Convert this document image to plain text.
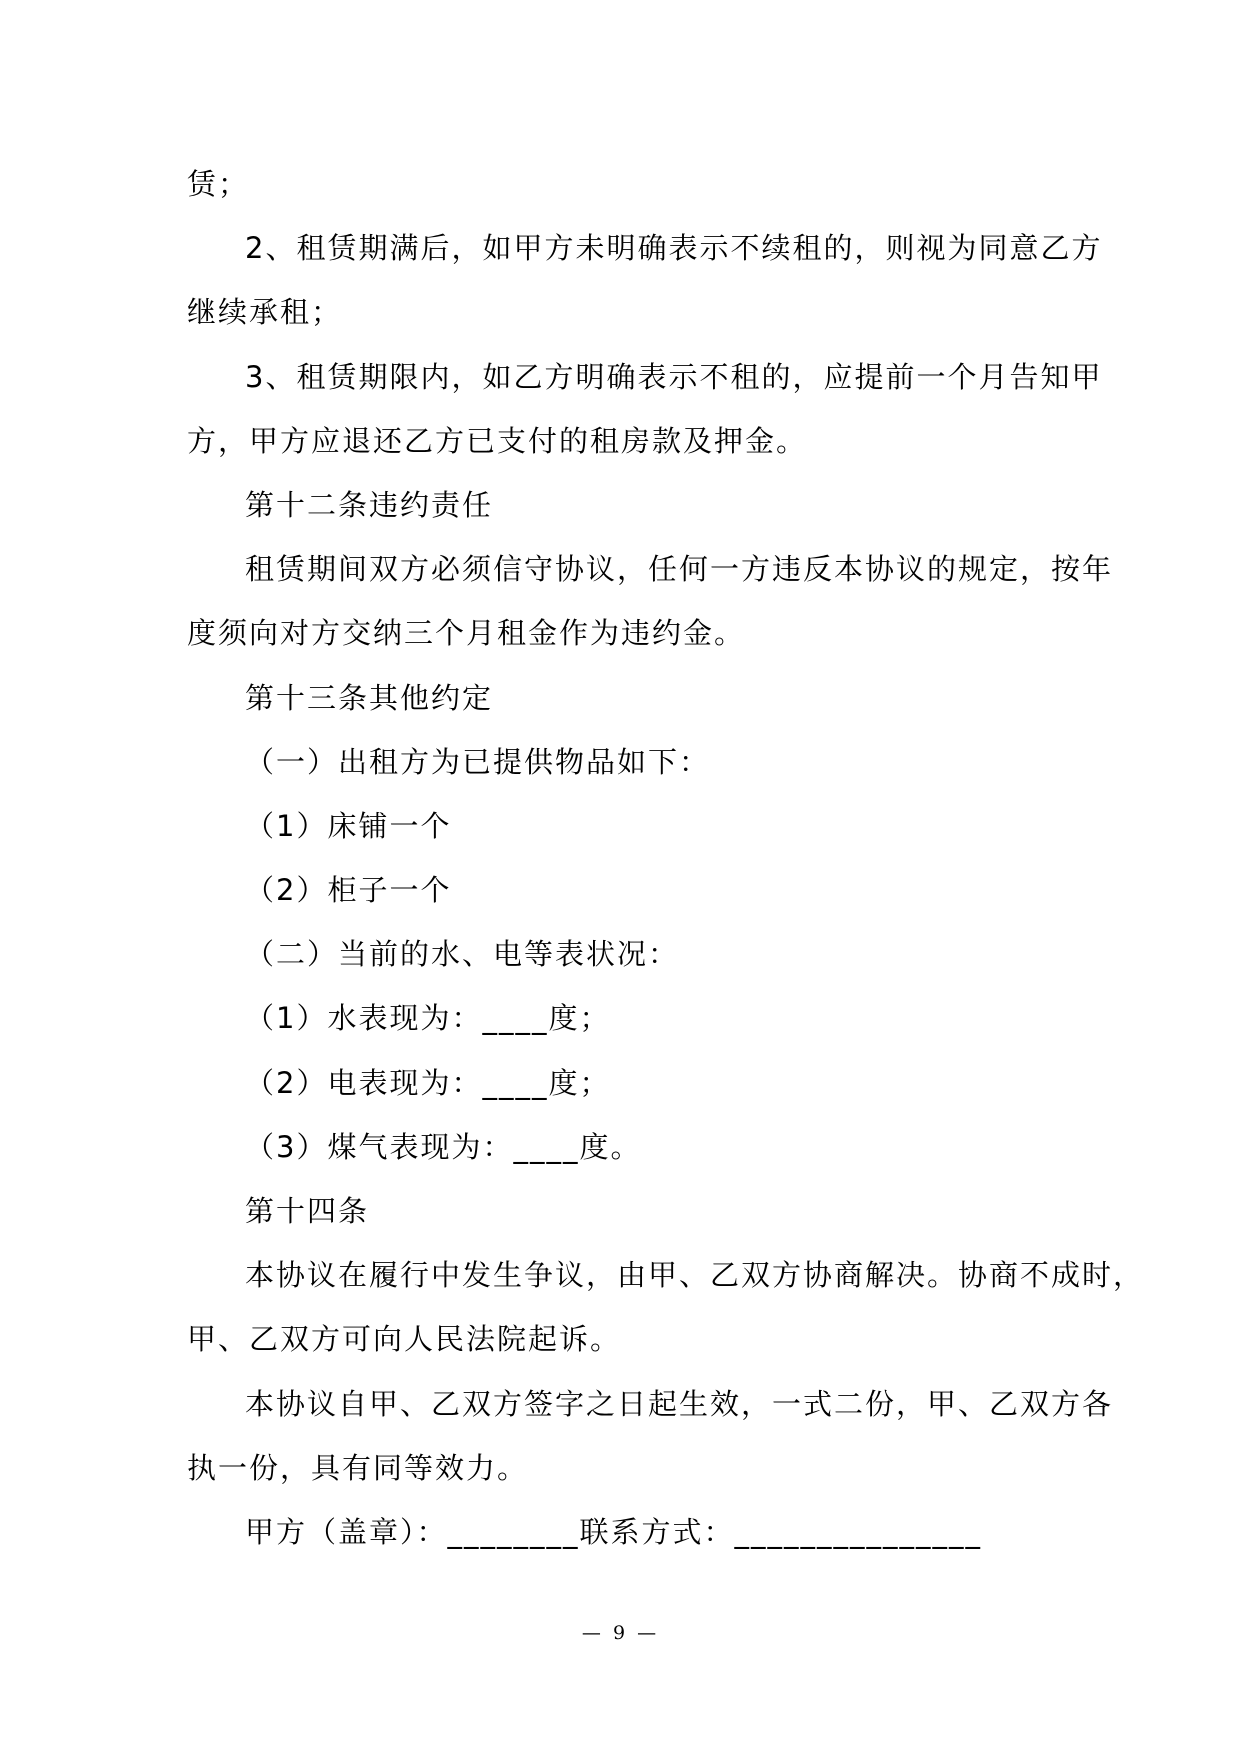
赁；
2、租赁期满后，如甲方未明确表示不续租的，则视为同意乙方
继续承租；
3、租赁期限内，如乙方明确表示不租的，应提前一个月告知甲
方，甲方应退还乙方已支付的租房款及押金。
第十二条违约责任
租赁期间双方必须信守协议，任何一方违反本协议的规定，按年
度须向对方交纳三个月租金作为违约金。
第十三条其他约定
（一）出租方为已提供物品如下：
（1）床铺一个
（2）柜子一个
（二）当前的水、电等表状况：
（1）水表现为：____度；
（2）电表现为：____度；
（3）煤气表现为：____度。
第十四条
本协议在履行中发生争议，由甲、乙双方协商解决。协商不成时，
甲、乙双方可向人民法院起诉。
本协议自甲、乙双方签字之日起生效，一式二份，甲、乙双方各
执一份，具有同等效力。
甲方（盖章）：________联系方式：_______________
— 9 —
